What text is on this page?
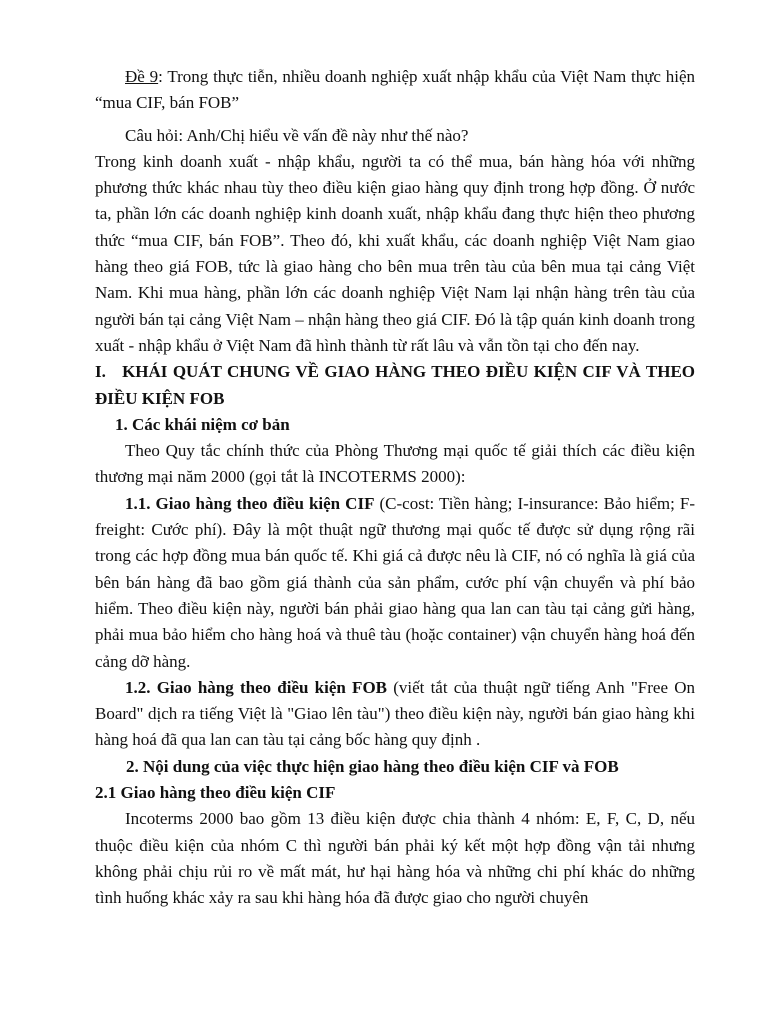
Đề 9: Trong thực tiễn, nhiều doanh nghiệp xuất nhập khẩu của Việt Nam thực hiện “mua CIF, bán FOB”

Câu hỏi: Anh/Chị hiểu về vấn đề này như thế nào?

Trong kinh doanh xuất - nhập khẩu, người ta có thể mua, bán hàng hóa với những phương thức khác nhau tùy theo điều kiện giao hàng quy định trong hợp đồng. Ở nước ta, phần lớn các doanh nghiệp kinh doanh xuất, nhập khẩu đang thực hiện theo phương thức “mua CIF, bán FOB”. Theo đó, khi xuất khẩu, các doanh nghiệp Việt Nam giao hàng theo giá FOB, tức là giao hàng cho bên mua trên tàu của bên mua tại cảng Việt Nam. Khi mua hàng, phần lớn các doanh nghiệp Việt Nam lại nhận hàng trên tàu của người bán tại cảng Việt Nam – nhận hàng theo giá CIF. Đó là tập quán kinh doanh trong xuất - nhập khẩu ở Việt Nam đã hình thành từ rất lâu và vẫn tồn tại cho đến nay.

I. KHÁI QUÁT CHUNG VỀ GIAO HÀNG THEO ĐIỀU KIỆN CIF VÀ THEO ĐIỀU KIỆN FOB

1. Các khái niệm cơ bản

Theo Quy tắc chính thức của Phòng Thương mại quốc tế giải thích các điều kiện thương mại năm 2000 (gọi tắt là INCOTERMS 2000):

1.1. Giao hàng theo điều kiện CIF (C-cost: Tiền hàng; I-insurance: Bảo hiểm; F-freight: Cước phí). Đây là một thuật ngữ thương mại quốc tế được sử dụng rộng rãi trong các hợp đồng mua bán quốc tế. Khi giá cả được nêu là CIF, nó có nghĩa là giá của bên bán hàng đã bao gồm giá thành của sản phẩm, cước phí vận chuyển và phí bảo hiểm. Theo điều kiện này, người bán phải giao hàng qua lan can tàu tại cảng gửi hàng, phải mua bảo hiểm cho hàng hoá và thuê tàu (hoặc container) vận chuyển hàng hoá đến cảng dỡ hàng.

1.2. Giao hàng theo điều kiện FOB (viết tắt của thuật ngữ tiếng Anh "Free On Board" dịch ra tiếng Việt là "Giao lên tàu") theo điều kiện này, người bán giao hàng khi hàng hoá đã qua lan can tàu tại cảng bốc hàng quy định .

2. Nội dung của việc thực hiện giao hàng theo điều kiện CIF và FOB

2.1 Giao hàng theo điều kiện CIF

Incoterms 2000 bao gồm 13 điều kiện được chia thành 4 nhóm: E, F, C, D, nếu thuộc điều kiện của nhóm C thì người bán phải ký kết một hợp đồng vận tải nhưng không phải chịu rủi ro về mất mát, hư hại hàng hóa và những chi phí khác do những tình huống khác xảy ra sau khi hàng hóa đã được giao cho người chuyên
